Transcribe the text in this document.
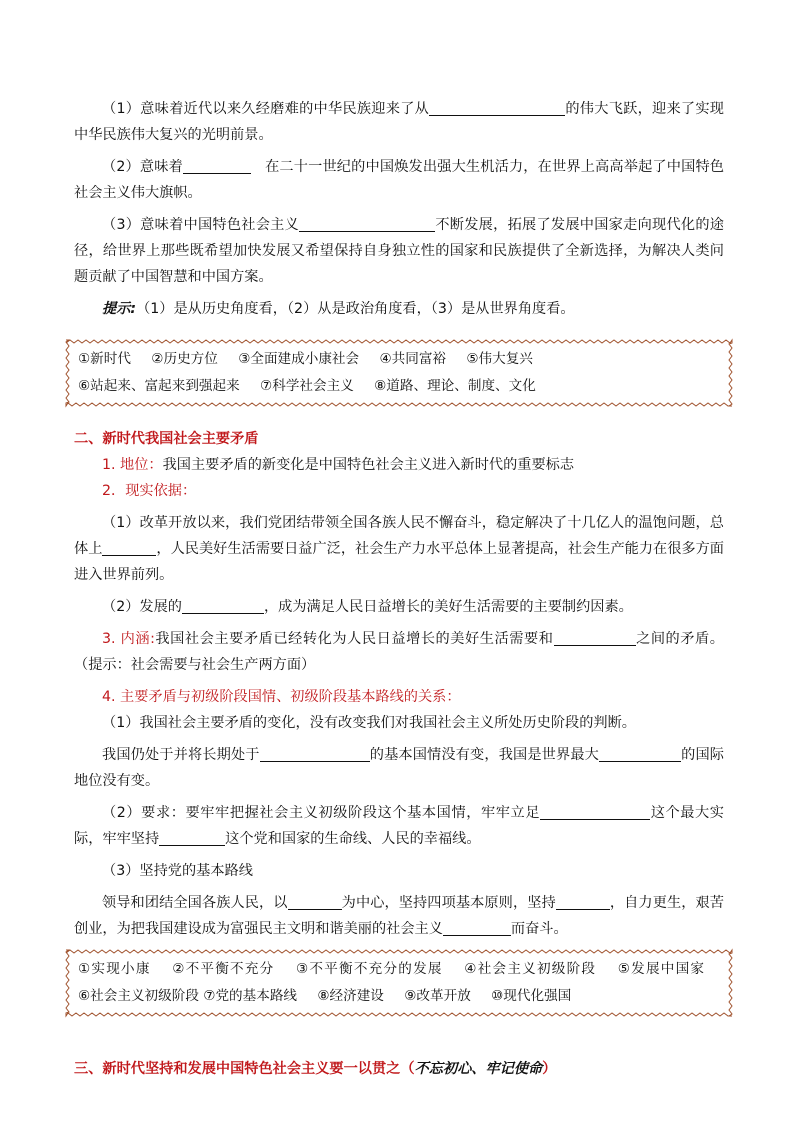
（1）意味着近代以来久经磨难的中华民族迎来了从	的伟大飞跃，迎来了实现中华民族伟大复兴的光明前景。

（2）意味着	在二十一世纪的中国焕发出强大生机活力，在世界上高高举起了中国特色社会主义伟大旗帜。

（3）意味着中国特色社会主义	不断发展，拓展了发展中国家走向现代化的途径，给世界上那些既希望加快发展又希望保持自身独立性的国家和民族提供了全新选择，为解决人类问题贡献了中国智慧和中国方案。

提示:（1）是从历史角度看，（2）从是政治角度看，（3）是从世界角度看。

①新时代 ②历史方位 ③全面建成小康社会 ④共同富裕 ⑤伟大复兴
⑥站起来、富起来到强起来 ⑦科学社会主义 ⑧道路、理论、制度、文化

二、新时代我国社会主要矛盾

1. 地位：我国主要矛盾的新变化是中国特色社会主义进入新时代的重要标志

2．现实依据：

（1）改革开放以来，我们党团结带领全国各族人民不懈奋斗，稳定解决了十几亿人的温饱问题，总体上	，人民美好生活需要日益广泛，社会生产力水平总体上显著提高，社会生产能力在很多方面进入世界前列。

（2）发展的	，成为满足人民日益增长的美好生活需要的主要制约因素。

3. 内涵:我国社会主要矛盾已经转化为人民日益增长的美好生活需要和	之间的矛盾。（提示：社会需要与社会生产两方面）

4. 主要矛盾与初级阶段国情、初级阶段基本路线的关系：

（1）我国社会主要矛盾的变化，没有改变我们对我国社会主义所处历史阶段的判断。

我国仍处于并将长期处于	的基本国情没有变，我国是世界最大	的国际地位没有变。

（2）要求：要牢牢把握社会主义初级阶段这个基本国情，牢牢立足	这个最大实际，牢牢坚持	这个党和国家的生命线、人民的幸福线。

（3）坚持党的基本路线

领导和团结全国各族人民，以	为中心，坚持四项基本原则，坚持	，自力更生，艰苦创业，为把我国建设成为富强民主文明和谐美丽的社会主义	而奋斗。

①实现小康 ②不平衡不充分 ③不平衡不充分的发展 ④社会主义初级阶段 ⑤发展中国家 ⑥社会主义初级阶段 ⑦党的基本路线 ⑧经济建设 ⑨改革开放 ⑩现代化强国

三、新时代坚持和发展中国特色社会主义要一以贯之（不忘初心、牢记使命）
